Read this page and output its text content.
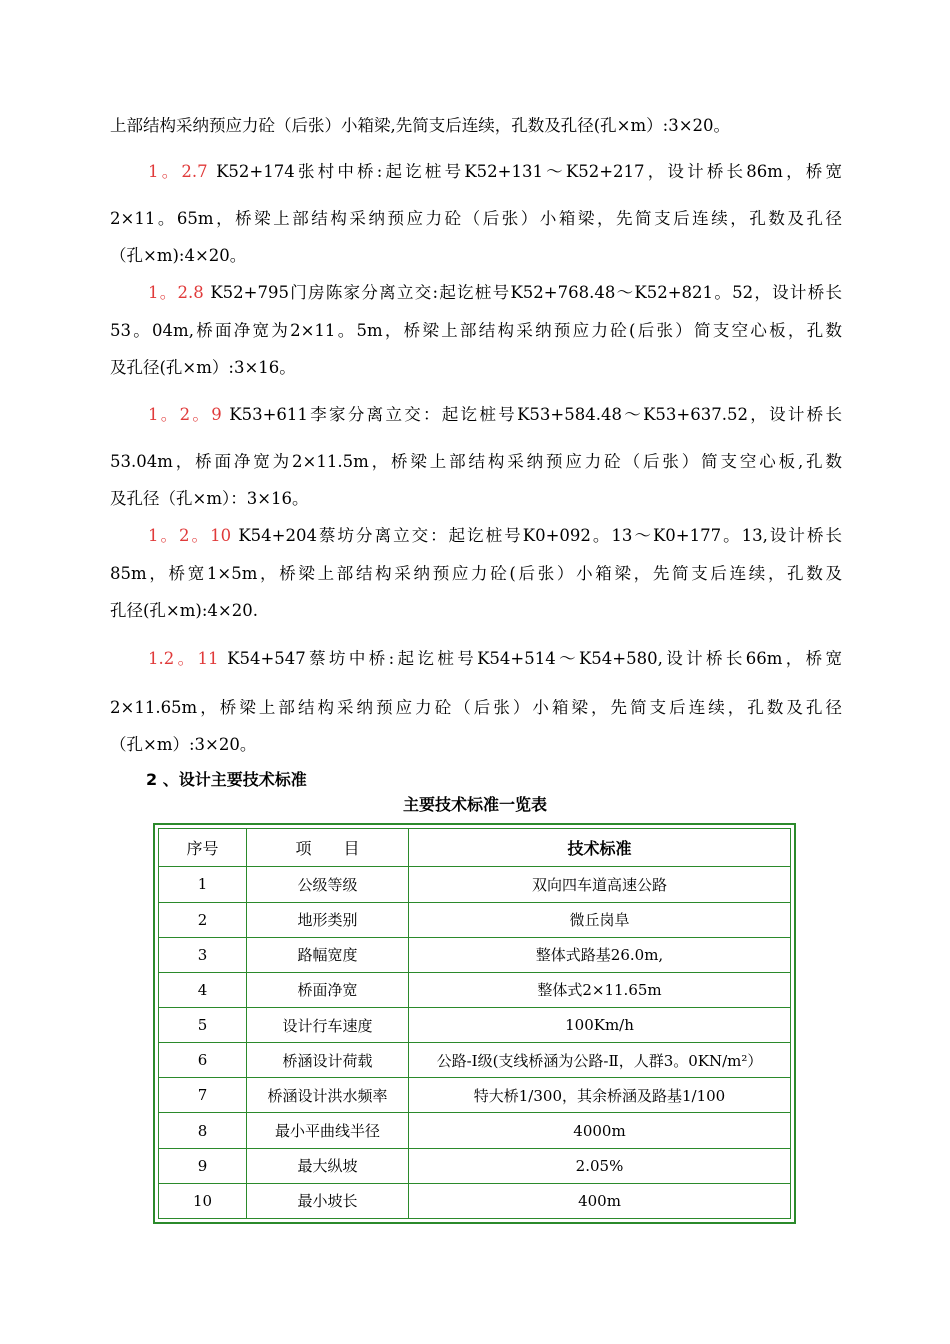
上部结构采纳预应力砼（后张）小箱梁,先简支后连续，孔数及孔径(孔×m）:3×20。
1。2.7 K52+174张村中桥:起讫桩号K52+131～K52+217，设计桥长86m，桥宽
2×11。65m，桥梁上部结构采纳预应力砼（后张）小箱梁，先简支后连续，孔数及孔径
（孔×m):4×20。
1。2.8 K52+795门房陈家分离立交:起讫桩号K52+768.48～K52+821。52，设计桥长
53。04m,桥面净宽为2×11。5m，桥梁上部结构采纳预应力砼(后张）简支空心板，孔数
及孔径(孔×m）:3×16。
1。2。9 K53+611李家分离立交：起讫桩号K53+584.48～K53+637.52，设计桥长
53.04m，桥面净宽为2×11.5m，桥梁上部结构采纳预应力砼（后张）简支空心板,孔数
及孔径（孔×m）：3×16。
1。2。10 K54+204蔡坊分离立交：起讫桩号K0+092。13～K0+177。13,设计桥长
85m，桥宽1×5m，桥梁上部结构采纳预应力砼(后张）小箱梁，先简支后连续，孔数及
孔径(孔×m):4×20.
1.2。11 K54+547蔡坊中桥:起讫桩号K54+514～K54+580,设计桥长66m，桥宽
2×11.65m，桥梁上部结构采纳预应力砼（后张）小箱梁，先简支后连续，孔数及孔径
（孔×m）:3×20。
2 、设计主要技术标准
主要技术标准一览表
序号	项　　目	技术标准
1	公级等级	双向四车道高速公路
2	地形类别	微丘岗阜
3	路幅宽度	整体式路基26.0m,
4	桥面净宽	整体式2×11.65m
5	设计行车速度	100Km/h
6	桥涵设计荷载	公路-Ⅰ级(支线桥涵为公路-Ⅱ，人群3。0KN/m²）
7	桥涵设计洪水频率	特大桥1/300，其余桥涵及路基1/100
8	最小平曲线半径	4000m
9	最大纵坡	2.05%
10	最小坡长	400m
